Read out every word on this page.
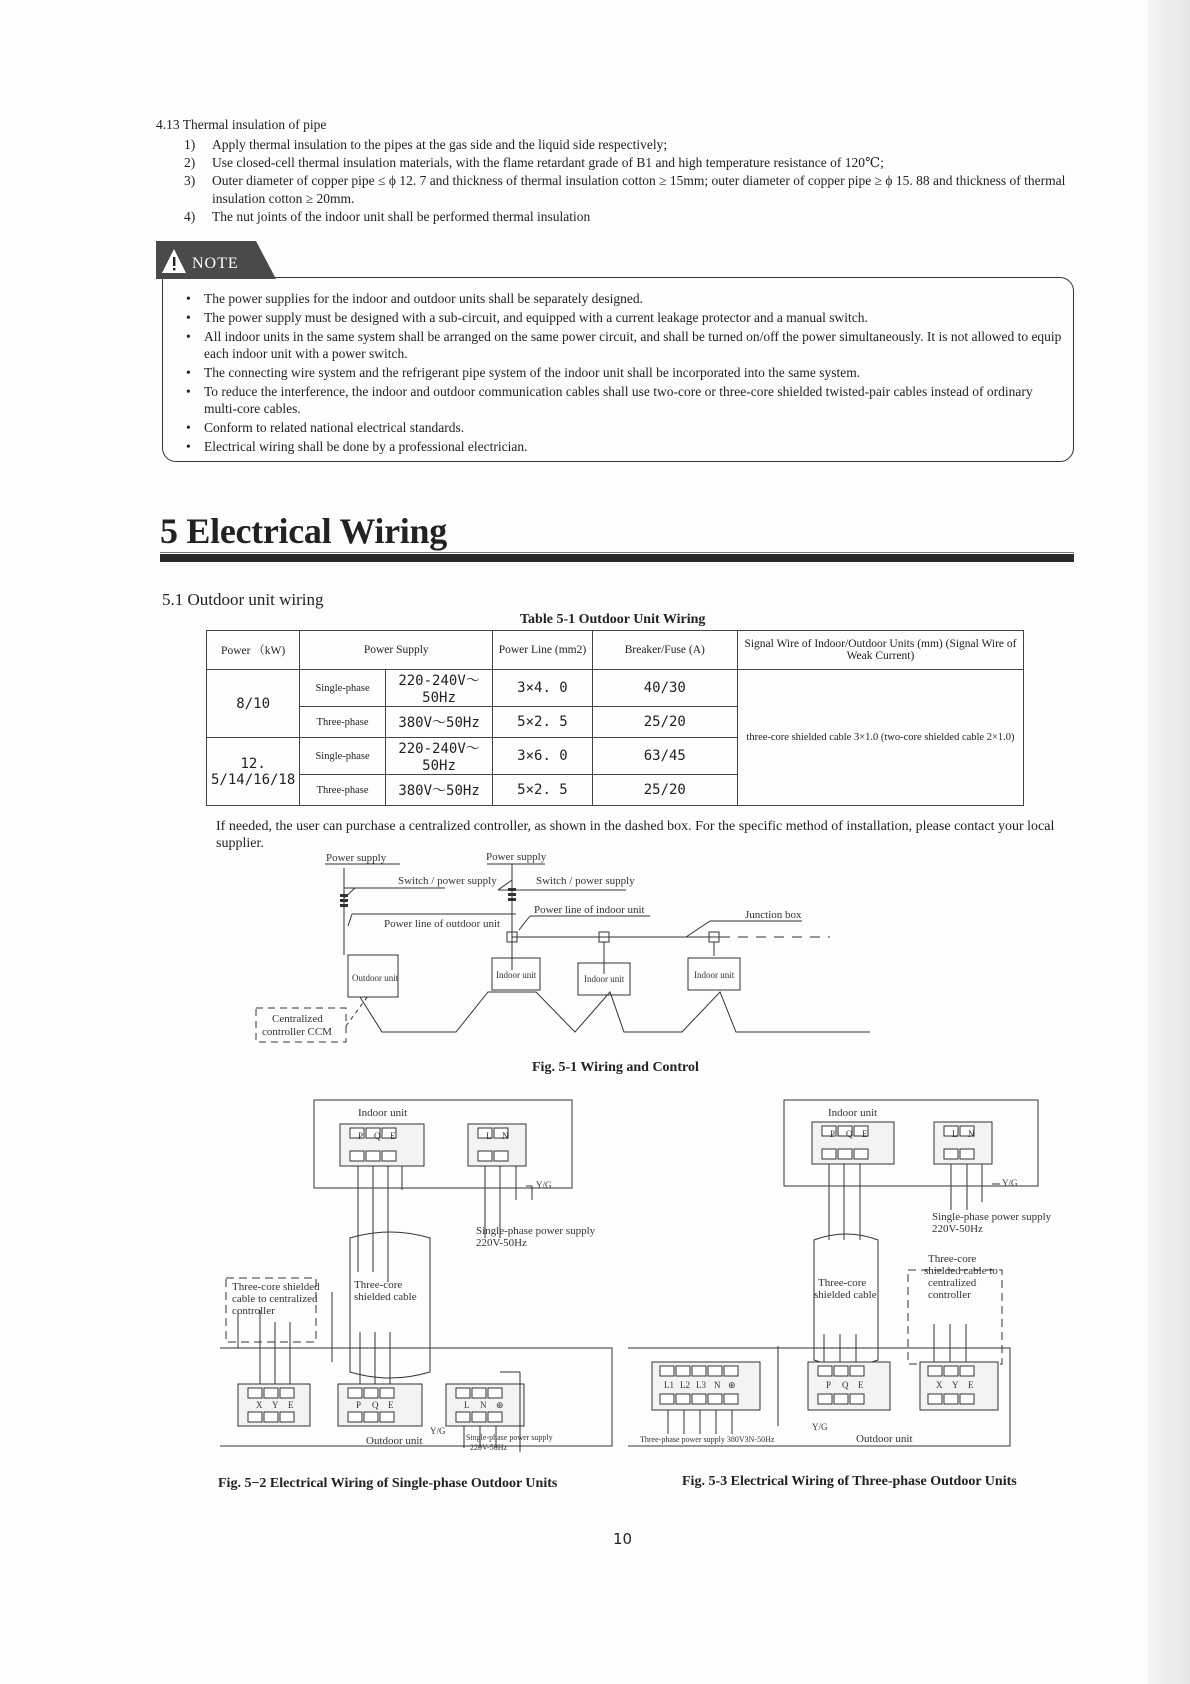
4.13 Thermal insulation of pipe
1)	Apply thermal insulation to the pipes at the gas side and the liquid side respectively;
2)	Use closed-cell thermal insulation materials, with the flame retardant grade of B1 and high temperature resistance of 120℃;
3)	Outer diameter of copper pipe ≤ ϕ 12. 7 and thickness of thermal insulation cotton ≥ 15mm; outer diameter of copper pipe ≥ ϕ 15. 88 and thickness of thermal insulation cotton ≥ 20mm.
4)	The nut joints of the indoor unit shall be performed thermal insulation
NOTE
• The power supplies for the indoor and outdoor units shall be separately designed.
• The power supply must be designed with a sub-circuit, and equipped with a current leakage protector and a manual switch.
• All indoor units in the same system shall be arranged on the same power circuit, and shall be turned on/off the power simultaneously. It is not allowed to equip each indoor unit with a power switch.
• The connecting wire system and the refrigerant pipe system of the indoor unit shall be incorporated into the same system.
• To reduce the interference, the indoor and outdoor communication cables shall use two-core or three-core shielded twisted-pair cables instead of ordinary multi-core cables.
• Conform to related national electrical standards.
• Electrical wiring shall be done by a professional electrician.
5 Electrical Wiring
5.1 Outdoor unit wiring
Table 5-1 Outdoor Unit Wiring
Power （kW)	Power Supply		Power Line (mm2)	Breaker/Fuse (A)	Signal Wire of Indoor/Outdoor Units (mm) (Signal Wire of Weak Current)
8/10	Single-phase	220-240V～50Hz	3×4. 0	40/30	three-core shielded cable 3×1.0 (two-core shielded cable 2×1.0)
	Three-phase	380V～50Hz	5×2. 5	25/20	
12. 5/14/16/18	Single-phase	220-240V～50Hz	3×6. 0	63/45	
	Three-phase	380V～50Hz	5×2. 5	25/20	
If needed, the user can purchase a centralized controller, as shown in the dashed box. For the specific method of installation, please contact your local supplier.
Power supply	Power supply
Switch / power supply	Switch / power supply
Power line of outdoor unit
Power line of indoor unit	Junction box
Outdoor unit	Indoor unit	Indoor unit	Indoor unit
Centralized
controller CCM
Fig. 5-1 Wiring and Control
Indoor unit
P Q E	L N
Y/G
Single-phase power supply
220V-50Hz
Three-core shielded
cable to centralized
controller
Three-core
shielded cable
X Y E	P Q E	L N ⊕
Y/G
Outdoor unit	Single-phase power supply
220V-50Hz
Fig. 5−2 Electrical Wiring of Single-phase Outdoor Units
Indoor unit
P Q E	L N
Y/G
Single-phase power supply
220V-50Hz
Three-core
shielded cable to
centralized
controller
Three-core
shielded cable
L1 L2 L3 N ⊕	P Q E	X Y E
Y/G
Three-phase power supply 380V3N-50Hz	Outdoor unit
Fig. 5-3 Electrical Wiring of Three-phase Outdoor Units
10
